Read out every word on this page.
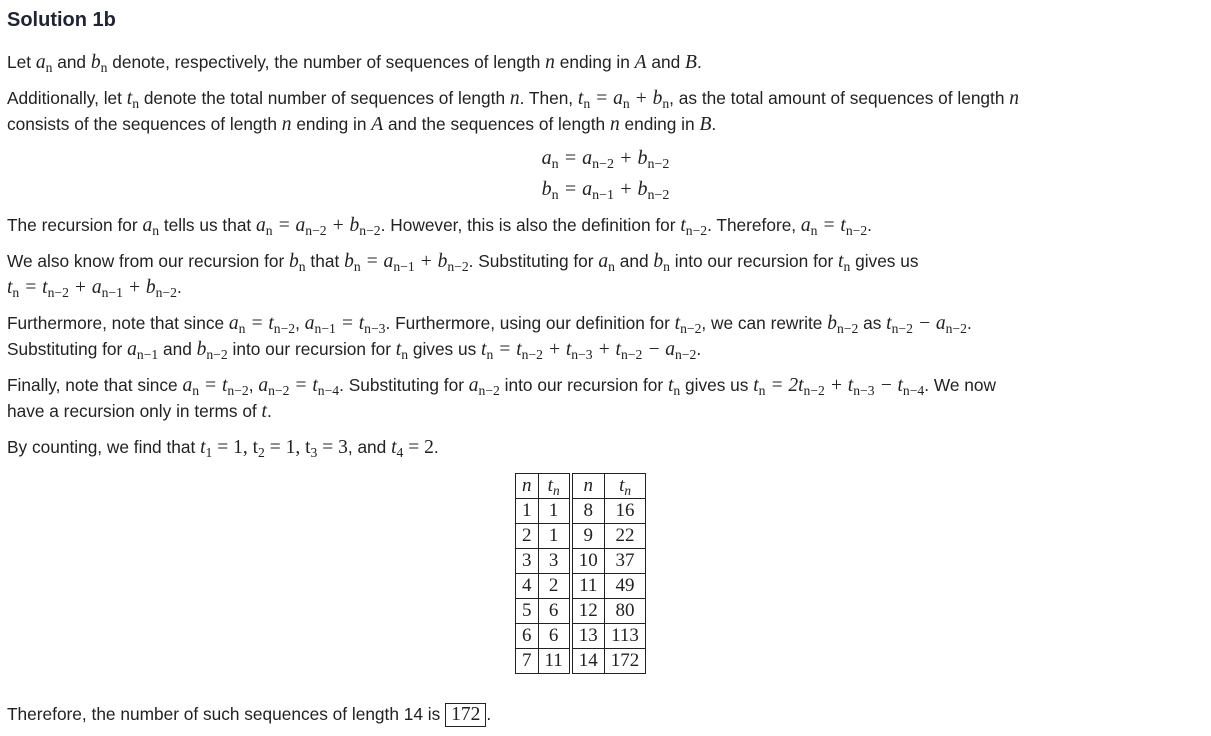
Solution 1b
Let $a_n$ and $b_n$ denote, respectively, the number of sequences of length n ending in A and B.
Additionally, let $t_n$ denote the total number of sequences of length n. Then, $t_n = a_n + b_n$, as the total amount of sequences of length n
consists of the sequences of length n ending in A and the sequences of length n ending in B.
$a_n = a_{n-2} + b_{n-2}$
$b_n = a_{n-1} + b_{n-2}$
The recursion for $a_n$ tells us that $a_n = a_{n-2} + b_{n-2}$. However, this is also the definition for $t_{n-2}$. Therefore, $a_n = t_{n-2}$.
We also know from our recursion for $b_n$ that $b_n = a_{n-1} + b_{n-2}$. Substituting for $a_n$ and $b_n$ into our recursion for $t_n$ gives us
$t_n = t_{n-2} + a_{n-1} + b_{n-2}$.
Furthermore, note that since $a_n = t_{n-2}$, $a_{n-1} = t_{n-3}$. Furthermore, using our definition for $t_{n-2}$, we can rewrite $b_{n-2}$ as $t_{n-2} - a_{n-2}$.
Substituting for $a_{n-1}$ and $b_{n-2}$ into our recursion for $t_n$ gives us $t_n = t_{n-2} + t_{n-3} + t_{n-2} - a_{n-2}$.
Finally, note that since $a_n = t_{n-2}$, $a_{n-2} = t_{n-4}$. Substituting for $a_{n-2}$ into our recursion for $t_n$ gives us $t_n = 2t_{n-2} + t_{n-3} - t_{n-4}$. We now
have a recursion only in terms of t.
By counting, we find that $t_1 = 1$, $t_2 = 1$, $t_3 = 3$, and $t_4 = 2$.
n	$t_n$	n	$t_n$
1	1	8	16
2	1	9	22
3	3	10	37
4	2	11	49
5	6	12	80
6	6	13	113
7	11	14	172
Therefore, the number of such sequences of length 14 is 172 .
